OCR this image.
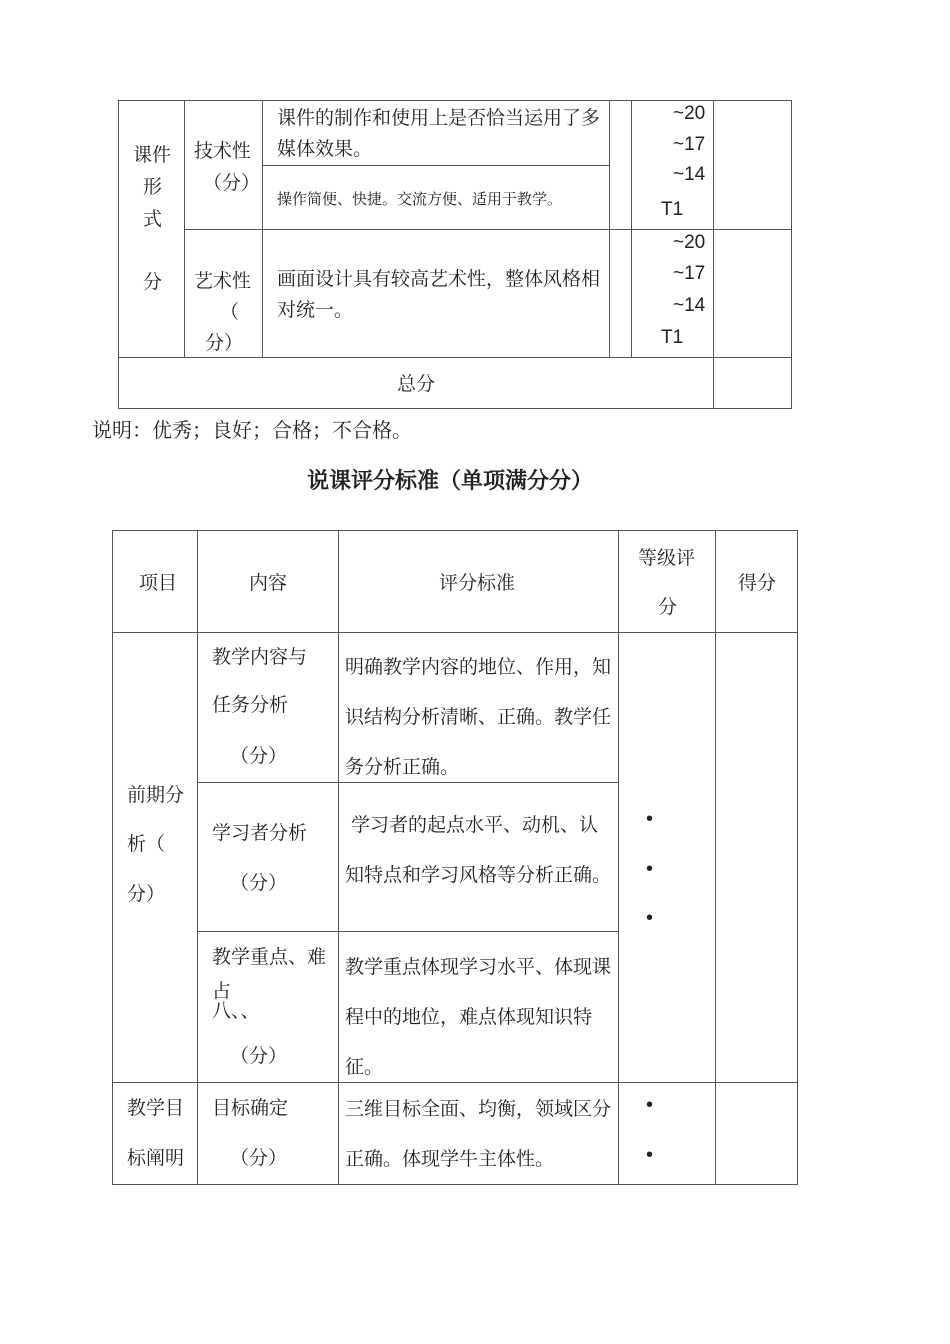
课件
形
式
分
技术性
（分）
课件的制作和使用上是否恰当运用了多媒体效果。
操作简便、快捷。交流方便、适用于教学。
~20
~17
~14
T1
艺术性
（
分）
画面设计具有较高艺术性，整体风格相对统一。
~20
~17
~14
T1
总分
说明：优秀；良好；合格；不合格。
说课评分标准（单项满分分）
项目	内容	评分标准
等级评
分
得分
前期分
析（
分）
教学内容与
任务分析
（分）
明确教学内容的地位、作用，知识结构分析清晰、正确。教学任务分析正确。
学习者分析
（分）
学习者的起点水平、动机、认知特点和学习风格等分析正确。
教学重点、难
占
八、、
（分）
教学重点体现学习水平、体现课程中的地位，难点体现知识特征。
•
•
•
教学目
标阐明
目标确定
（分）
三维目标全面、均衡，领域区分正确。体现学牛主体性。
•
•
